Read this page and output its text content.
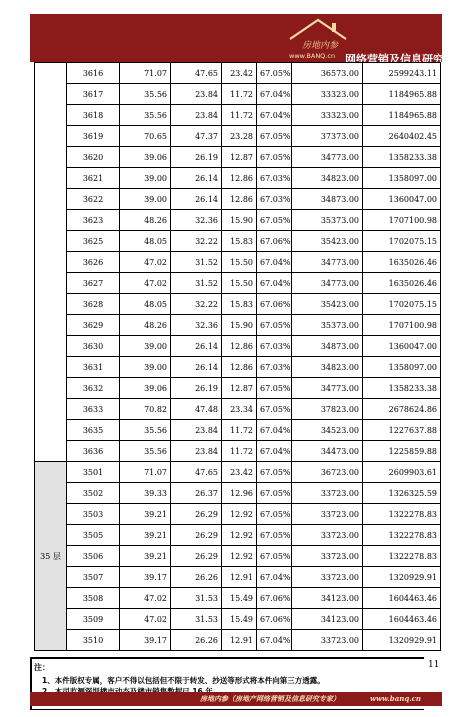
房地内参
www.BANQ.cn 网络营销及信息研究专家
	3616	71.07	47.65	23.42	67.05%	36573.00	2599243.11
	3617	35.56	23.84	11.72	67.04%	33323.00	1184965.88
	3618	35.56	23.84	11.72	67.04%	33323.00	1184965.88
	3619	70.65	47.37	23.28	67.05%	37373.00	2640402.45
	3620	39.06	26.19	12.87	67.05%	34773.00	1358233.38
	3621	39.00	26.14	12.86	67.03%	34823.00	1358097.00
	3622	39.00	26.14	12.86	67.03%	34873.00	1360047.00
	3623	48.26	32.36	15.90	67.05%	35373.00	1707100.98
	3625	48.05	32.22	15.83	67.06%	35423.00	1702075.15
	3626	47.02	31.52	15.50	67.04%	34773.00	1635026.46
	3627	47.02	31.52	15.50	67.04%	34773.00	1635026.46
	3628	48.05	32.22	15.83	67.06%	35423.00	1702075.15
	3629	48.26	32.36	15.90	67.05%	35373.00	1707100.98
	3630	39.00	26.14	12.86	67.03%	34873.00	1360047.00
	3631	39.00	26.14	12.86	67.03%	34823.00	1358097.00
	3632	39.06	26.19	12.87	67.05%	34773.00	1358233.38
	3633	70.82	47.48	23.34	67.05%	37823.00	2678624.86
	3635	35.56	23.84	11.72	67.04%	34523.00	1227637.88
	3636	35.56	23.84	11.72	67.04%	34473.00	1225859.88
35 层	3501	71.07	47.65	23.42	67.05%	36723.00	2609903.61
	3502	39.33	26.37	12.96	67.05%	33723.00	1326325.59
	3503	39.21	26.29	12.92	67.05%	33723.00	1322278.83
	3505	39.21	26.29	12.92	67.05%	33723.00	1322278.83
	3506	39.21	26.29	12.92	67.05%	33723.00	1322278.83
	3507	39.17	26.26	12.91	67.04%	33723.00	1320929.91
	3508	47.02	31.53	15.49	67.06%	34123.00	1604463.46
	3509	47.02	31.53	15.49	67.06%	34123.00	1604463.46
	3510	39.17	26.26	12.91	67.04%	33723.00	1320929.91
注：
1、本件版权专属，客户不得以包括但不限于转发、抄送等形式将本件向第三方透露。
11
房地内参（房地产网络营销及信息研究专家）	www.banq.cn
